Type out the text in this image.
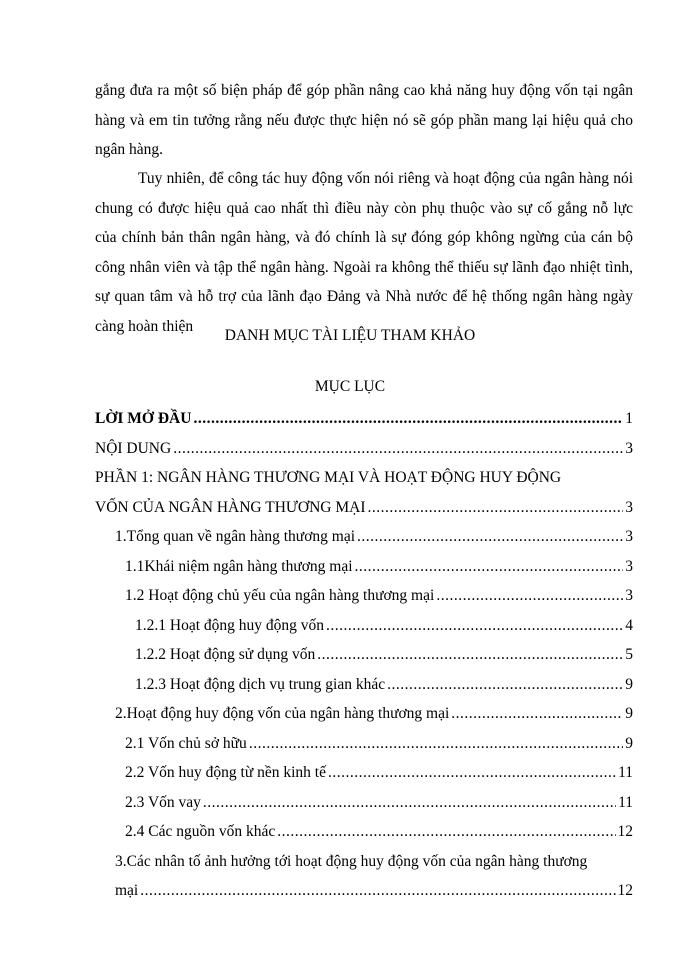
gắng đưa ra một số biện pháp để góp phần nâng cao khả năng huy động vốn tại ngân hàng và em tin tưởng rằng nếu được thực hiện nó sẽ góp phần mang lại hiệu quả cho ngân hàng.

Tuy nhiên, để công tác huy động vốn nói riêng và hoạt động của ngân hàng nói chung có được hiệu quả cao nhất thì điều này còn phụ thuộc vào sự cố gắng nỗ lực của chính bản thân ngân hàng, và đó chính là sự đóng góp không ngừng của cán bộ công nhân viên và tập thể ngân hàng. Ngoài ra không thể thiếu sự lãnh đạo nhiệt tình, sự quan tâm và hỗ trợ của lãnh đạo Đảng và Nhà nước để hệ thống ngân hàng ngày càng hoàn thiện

DANH MỤC TÀI LIỆU THAM KHẢO
MỤC LỤC
LỜI MỞ ĐẦU .....	1
NỘI DUNG .....	3
PHẦN 1: NGÂN HÀNG THƯƠNG MẠI VÀ HOẠT ĐỘNG HUY ĐỘNG
VỐN CỦA NGÂN HÀNG THƯƠNG MẠI .....	3
1.Tổng quan về ngân hàng thương mại .....	3
1.1Khái niệm ngân hàng thương mại .....	3
1.2 Hoạt động chủ yếu của ngân hàng thương mại .....	3
1.2.1 Hoạt động huy động vốn .....	4
1.2.2 Hoạt động sử dụng vốn .....	5
1.2.3 Hoạt động dịch vụ trung gian khác .....	9
2.Hoạt động huy động vốn của ngân hàng thương mại .....	9
2.1 Vốn chủ sở hữu .....	9
2.2 Vốn huy động từ nền kinh tế .....	11
2.3 Vốn vay .....	11
2.4 Các nguồn vốn khác .....	12
3.Các nhân tố ảnh hưởng tới hoạt động huy động vốn của ngân hàng thương
mại .....	12
